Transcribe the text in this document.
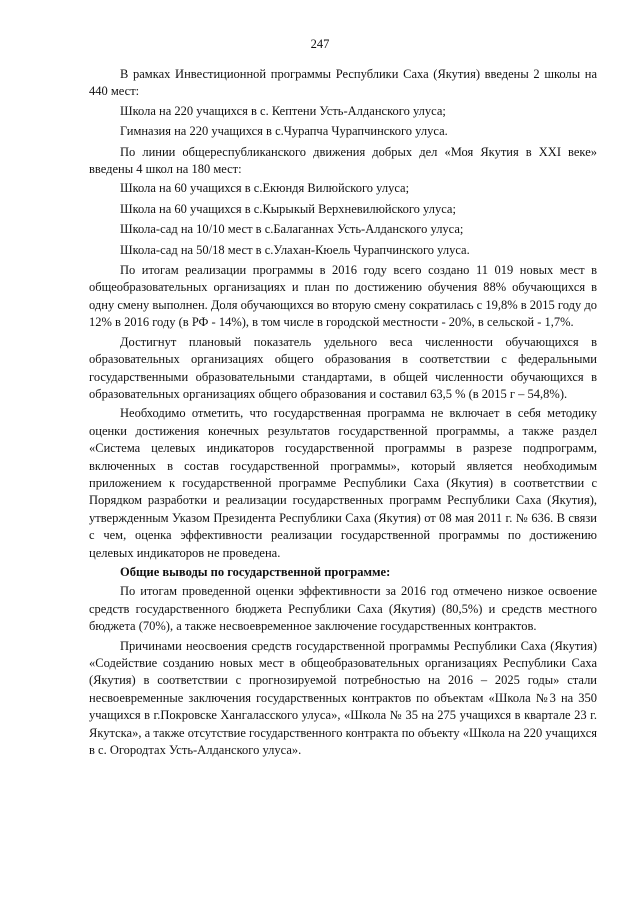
247

В рамках Инвестиционной программы Республики Саха (Якутия) введены 2 школы на 440 мест:

Школа на 220 учащихся в с. Кептени Усть-Алданского улуса;

Гимназия на 220 учащихся в с.Чурапча Чурапчинского улуса.

По линии общереспубликанского движения добрых дел «Моя Якутия в XXI веке» введены 4 школ на 180 мест:

Школа на 60 учащихся в с.Екюндя Вилюйского улуса;

Школа на 60 учащихся в с.Кырыкый Верхневилюйского улуса;

Школа-сад на 10/10 мест в с.Балаганнах Усть-Алданского улуса;

Школа-сад на 50/18 мест в с.Улахан-Кюель Чурапчинского улуса.

По итогам реализации программы в 2016 году всего создано 11 019 новых мест в общеобразовательных организациях и план по достижению обучения 88% обучающихся в одну смену выполнен. Доля обучающихся во вторую смену сократилась с 19,8% в 2015 году до 12% в 2016 году (в РФ - 14%), в том числе в городской местности - 20%, в сельской - 1,7%.

Достигнут плановый показатель удельного веса численности обучающихся в образовательных организациях общего образования в соответствии с федеральными государственными образовательными стандартами, в общей численности обучающихся в образовательных организациях общего образования и составил 63,5 % (в 2015 г – 54,8%).

Необходимо отметить, что государственная программа не включает в себя методику оценки достижения конечных результатов государственной программы, а также раздел «Система целевых индикаторов государственной программы в разрезе подпрограмм, включенных в состав государственной программы», который является необходимым приложением к государственной программе Республики Саха (Якутия) в соответствии с Порядком разработки и реализации государственных программ Республики Саха (Якутия), утвержденным Указом Президента Республики Саха (Якутия) от 08 мая 2011 г. № 636. В связи с чем, оценка эффективности реализации государственной программы по достижению целевых индикаторов не проведена.

Общие выводы по государственной программе:

По итогам проведенной оценки эффективности за 2016 год отмечено низкое освоение средств государственного бюджета Республики Саха (Якутия) (80,5%) и средств местного бюджета (70%), а также несвоевременное заключение государственных контрактов.

Причинами неосвоения средств государственной программы Республики Саха (Якутия) «Содействие созданию новых мест в общеобразовательных организациях Республики Саха (Якутия) в соответствии с прогнозируемой потребностью на 2016 – 2025 годы» стали несвоевременные заключения государственных контрактов по объектам «Школа №3 на 350 учащихся в г.Покровске Хангаласского улуса», «Школа № 35 на 275 учащихся в квартале 23 г. Якутска», а также отсутствие государственного контракта по объекту «Школа на 220 учащихся в с. Огородтах Усть-Алданского улуса».
